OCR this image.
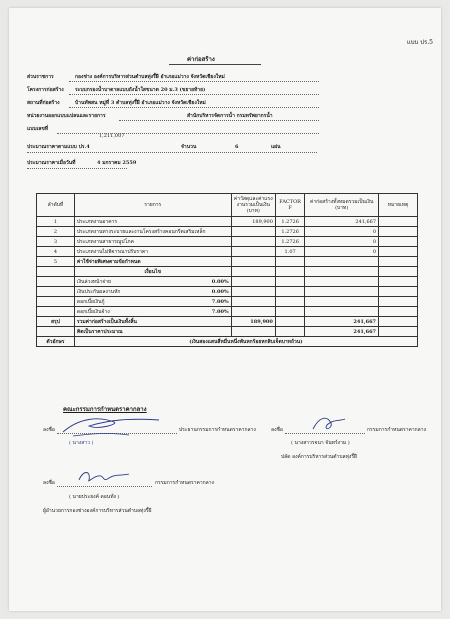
แบบ ปร.5
ค่าก่อสร้าง
ส่วนราชการ	กองช่าง องค์การบริหารส่วนตำบลทุ่งรี้ฝี อำเภอแม่วาง จังหวัดเชียงใหม่
โครงการก่อสร้าง ระบบกรองน้ำบาดาลแบบถังน้ำใสขนาด 20 ม.3 (ขยายท้าย)
สถานที่ก่อสร้าง	บ้านทัพสน หมู่ที่ 3 ตำบลทุ่งรี้ฝี อำเภอแม่วาง จังหวัดเชียงใหม่
หน่วยงานออกแบบแปลนและรายการ	สำนักบริหารจัดการน้ำ กรมทรัพยากรน้ำ
แบบเลขที่
1,211,007
ประมาณราคาตามแบบ ปร.4	จำนวน	6	แผ่น
ประมาณราคาเมื่อวันที่	4 มกราคม 2559
ลำดับที่	รายการ	ค่าวัสดุและค่าแรงงานรวมเป็นเงิน (บาท)	FACTOR F	ค่าก่อสร้างทั้งหมดรวมเป็นเงิน (บาท)	หมายเหตุ
1	ประเภทงานอาคาร	189,900	1.2726	241,667	
2	ประเภทงานทางระบายและงานโครงสร้างคอนกรีตเสริมเหล็ก		1.2726	0	
3	ประเภทงานสาธารณูปโภค		1.2726	0	
4	ประเภทงานไม่พิจารณาปรับราคา		1.07	0	
5	ค่าใช้จ่ายพิเศษตามข้อกำหนด				
	เงื่อนไข				
	เงินล่วงหน้าจ่าย 0.00%				

	เงินประกันผลงานหัก 0.00%				

	ดอกเบี้ยเงินกู้ 7.00%				

	ดอกเบี้ยเงินจ้าง 7.00%				

สรุป	รวมค่าก่อสร้างเป็นเงินทั้งสิ้น	189,900		241,667	
	คิดเป็นราคาประมาณ			241,667	
ตัวอักษร	(เงินสองแสนสี่หมื่นหนึ่งพันหกร้อยหกสิบเจ็ดบาทถ้วน)				
คณะกรรมการกำหนดราคากลาง
ลงชื่อ	ประธานกรรมการกำหนดราคากลาง
( นางสาว )
ลงชื่อ	กรรมการกำหนดราคากลาง
( นางสาวรจนา จันทร์งาม )
ปลัด องค์การบริหารส่วนตำบลทุ่งรี้ฝี
ลงชื่อ	กรรมการกำหนดราคากลาง
( นายประยงค์ ดอนทั่ง )
ผู้อำนวยการกองช่างองค์การบริหารส่วนตำบลทุ่งรี้ฝี
